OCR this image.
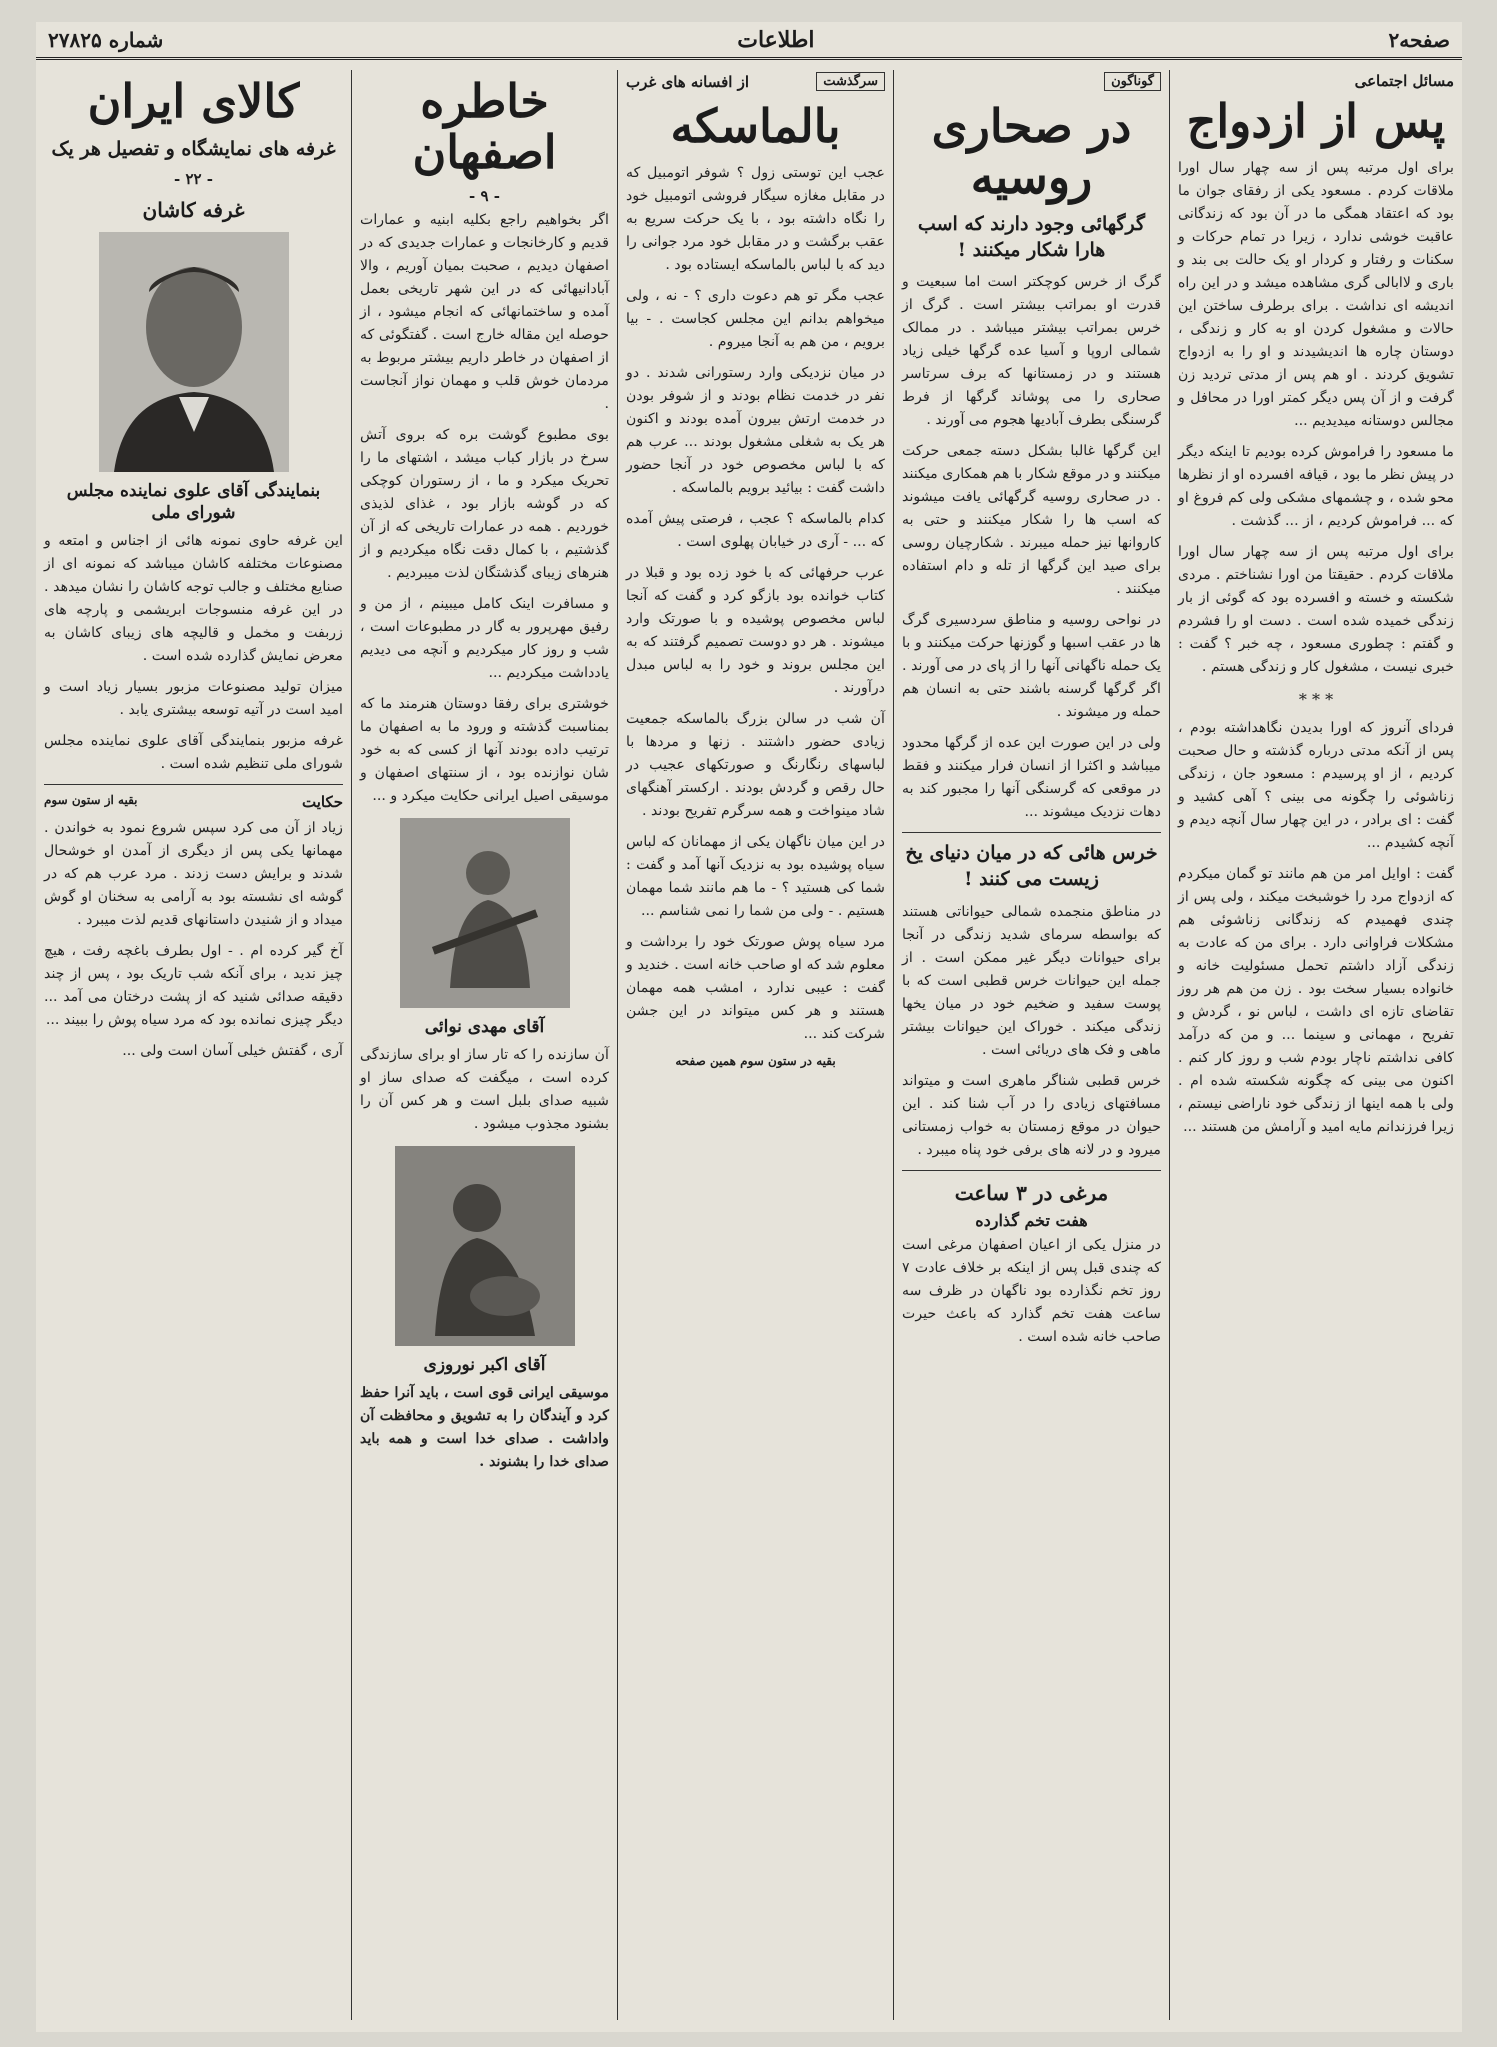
صفحه۲
اطلاعات
شماره ۲۷۸۲۵
مسائل اجتماعی
پس از ازدواج

برای اول مرتبه پس از سه چهار سال اورا ملاقات کردم . مسعود یکی از رفقای جوان ما بود که اعتقاد همگی ما در آن بود که زندگانی عاقبت خوشی ندارد ، زیرا در تمام حرکات و سکنات و رفتار و کردار او یک حالت بی بند و باری و لاابالی گری مشاهده میشد و در این راه اندیشه ای نداشت . برای برطرف ساختن این حالات و مشغول کردن او به کار و زندگی ، دوستان چاره ها اندیشیدند و او را به ازدواج تشویق کردند . او هم پس از مدتی تردید زن گرفت و از آن پس دیگر کمتر اورا در محافل و مجالس دوستانه میدیدیم ...

ما مسعود را فراموش کرده بودیم تا اینکه دیگر در پیش نظر ما بود ، قیافه افسرده او از نظرها محو شده ، و چشمهای مشکی ولی کم فروغ او که ... فراموش کردیم ، از ... گذشت .

برای اول مرتبه پس از سه چهار سال اورا ملاقات کردم . حقیقتا من اورا نشناختم . مردی شکسته و خسته و افسرده بود که گوئی از بار زندگی خمیده شده است . دست او را فشردم و گفتم : چطوری مسعود ، چه خبر ؟ گفت : خبری نیست ، مشغول کار و زندگی هستم .

* * *

فردای آنروز که اورا بدیدن نگاهداشته بودم ، پس از آنکه مدتی درباره گذشته و حال صحبت کردیم ، از او پرسیدم : مسعود جان ، زندگی زناشوئی را چگونه می بینی ؟ آهی کشید و گفت : ای برادر ، در این چهار سال آنچه دیدم و آنچه کشیدم ...

گفت : اوایل امر من هم مانند تو گمان میکردم که ازدواج مرد را خوشبخت میکند ، ولی پس از چندی فهمیدم که زندگانی زناشوئی هم مشکلات فراوانی دارد . برای من که عادت به زندگی آزاد داشتم تحمل مسئولیت خانه و خانواده بسیار سخت بود . زن من هم هر روز تقاضای تازه ای داشت ، لباس نو ، گردش و تفریح ، مهمانی و سینما ... و من که درآمد کافی نداشتم ناچار بودم شب و روز کار کنم . اکنون می بینی که چگونه شکسته شده ام . ولی با همه اینها از زندگی خود ناراضی نیستم ، زیرا فرزندانم مایه امید و آرامش من هستند ...

گوناگون
در صحاری روسیه
گرگهائی وجود دارند که اسب هارا شکار میکنند !

گرگ از خرس کوچکتر است اما سبعیت و قدرت او بمراتب بیشتر است . گرگ از خرس بمراتب بیشتر میباشد . در ممالک شمالی اروپا و آسیا عده گرگها خیلی زیاد هستند و در زمستانها که برف سرتاسر صحاری را می پوشاند گرگها از فرط گرسنگی بطرف آبادیها هجوم می آورند .

این گرگها غالبا بشکل دسته جمعی حرکت میکنند و در موقع شکار با هم همکاری میکنند . در صحاری روسیه گرگهائی یافت میشوند که اسب ها را شکار میکنند و حتی به کاروانها نیز حمله میبرند . شکارچیان روسی برای صید این گرگها از تله و دام استفاده میکنند .

در نواحی روسیه و مناطق سردسیری گرگ ها در عقب اسبها و گوزنها حرکت میکنند و با یک حمله ناگهانی آنها را از پای در می آورند . اگر گرگها گرسنه باشند حتی به انسان هم حمله ور میشوند .

ولی در این صورت این عده از گرگها محدود میباشد و اکثرا از انسان فرار میکنند و فقط در موقعی که گرسنگی آنها را مجبور کند به دهات نزدیک میشوند ...

خرس هائی که در میان دنیای یخ زیست می کنند !

در مناطق منجمده شمالی حیواناتی هستند که بواسطه سرمای شدید زندگی در آنجا برای حیوانات دیگر غیر ممکن است . از جمله این حیوانات خرس قطبی است که با پوست سفید و ضخیم خود در میان یخها زندگی میکند . خوراک این حیوانات بیشتر ماهی و فک های دریائی است .

خرس قطبی شناگر ماهری است و میتواند مسافتهای زیادی را در آب شنا کند . این حیوان در موقع زمستان به خواب زمستانی میرود و در لانه های برفی خود پناه میبرد .

مرغی در ۳ ساعت
هفت تخم گذارده

در منزل یکی از اعیان اصفهان مرغی است که چندی قبل پس از اینکه بر خلاف عادت ۷ روز تخم نگذارده بود ناگهان در ظرف سه ساعت هفت تخم گذارد که باعث حیرت صاحب خانه شده است .

سرگذشت
از افسانه های غرب
بالماسکه

عجب این توستی زول ؟ شوفر اتومبیل که در مقابل مغازه سیگار فروشی اتومبیل خود را نگاه داشته بود ، با یک حرکت سریع به عقب برگشت و در مقابل خود مرد جوانی را دید که با لباس بالماسکه ایستاده بود .

عجب مگر تو هم دعوت داری ؟ - نه ، ولی میخواهم بدانم این مجلس کجاست . - بیا برویم ، من هم به آنجا میروم .

در میان نزدیکی وارد رستورانی شدند . دو نفر در خدمت نظام بودند و از شوفر بودن در خدمت ارتش بیرون آمده بودند و اکنون هر یک به شغلی مشغول بودند ... عرب هم که با لباس مخصوص خود در آنجا حضور داشت گفت : بیائید برویم بالماسکه .

کدام بالماسکه ؟ عجب ، فرصتی پیش آمده که ... - آری در خیابان پهلوی است .

عرب حرفهائی که با خود زده بود و قبلا در کتاب خوانده بود بازگو کرد و گفت که آنجا لباس مخصوص پوشیده و با صورتک وارد میشوند . هر دو دوست تصمیم گرفتند که به این مجلس بروند و خود را به لباس مبدل درآورند .

آن شب در سالن بزرگ بالماسکه جمعیت زیادی حضور داشتند . زنها و مردها با لباسهای رنگارنگ و صورتکهای عجیب در حال رقص و گردش بودند . ارکستر آهنگهای شاد مینواخت و همه سرگرم تفریح بودند .

در این میان ناگهان یکی از مهمانان که لباس سیاه پوشیده بود به نزدیک آنها آمد و گفت : شما کی هستید ؟ - ما هم مانند شما مهمان هستیم . - ولی من شما را نمی شناسم ...

مرد سیاه پوش صورتک خود را برداشت و معلوم شد که او صاحب خانه است . خندید و گفت : عیبی ندارد ، امشب همه مهمان هستند و هر کس میتواند در این جشن شرکت کند ...

بقیه در ستون سوم همین صفحه
خاطره اصفهان
- ۹ -

اگر بخواهیم راجع بکلیه ابنیه و عمارات قدیم و کارخانجات و عمارات جدیدی که در اصفهان دیدیم ، صحبت بمیان آوریم ، والا آبادانیهائی که در این شهر تاریخی بعمل آمده و ساختمانهائی که انجام میشود ، از حوصله این مقاله خارج است . گفتگوئی که از اصفهان در خاطر داریم بیشتر مربوط به مردمان خوش قلب و مهمان نواز آنجاست .

بوی مطبوع گوشت بره که بروی آتش سرخ در بازار کباب میشد ، اشتهای ما را تحریک میکرد و ما ، از رستوران کوچکی که در گوشه بازار بود ، غذای لذیذی خوردیم . همه در عمارات تاریخی که از آن گذشتیم ، با کمال دقت نگاه میکردیم و از هنرهای زیبای گذشتگان لذت میبردیم .

و مسافرت اینک کامل میبینم ، از من و رفیق مهرپرور به گار در مطبوعات است ، شب و روز کار میکردیم و آنچه می دیدیم یادداشت میکردیم ...

خوشتری برای رفقا دوستان هنرمند ما که بمناسبت گذشته و ورود ما به اصفهان ما ترتیب داده بودند آنها از کسی که به خود شان نوازنده بود ، از سنتهای اصفهان و موسیقی اصیل ایرانی حکایت میکرد و ...

آقای مهدی نوائی

آن سازنده را که تار ساز او برای سازندگی کرده است ، میگفت که صدای ساز او شبیه صدای بلبل است و هر کس آن را بشنود مجذوب میشود .

آقای اکبر نوروزی

موسیقی ایرانی قوی است ، باید آنرا حفظ کرد و آیندگان را به تشویق و محافظت آن واداشت . صدای خدا است و همه باید صدای خدا را بشنوند .

کالای ایران
غرفه های نمایشگاه و تفصیل هر یک
- ۲۲ -
غرفه کاشان
بنمایندگی آقای علوی نماینده مجلس شورای ملی

این غرفه حاوی نمونه هائی از اجناس و امتعه و مصنوعات مختلفه کاشان میباشد که نمونه ای از صنایع مختلف و جالب توجه کاشان را نشان میدهد . در این غرفه منسوجات ابریشمی و پارچه های زربفت و مخمل و قالیچه های زیبای کاشان به معرض نمایش گذارده شده است .

میزان تولید مصنوعات مزبور بسیار زیاد است و امید است در آتیه توسعه بیشتری یابد .

غرفه مزبور بنمایندگی آقای علوی نماینده مجلس شورای ملی تنظیم شده است .

حکایت
بقیه از ستون سوم

زیاد از آن می کرد سپس شروع نمود به خواندن . مهمانها یکی پس از دیگری از آمدن او خوشحال شدند و برایش دست زدند . مرد عرب هم که در گوشه ای نشسته بود به آرامی به سخنان او گوش میداد و از شنیدن داستانهای قدیم لذت میبرد .

آخ گیر کرده ام . - اول بطرف باغچه رفت ، هیچ چیز ندید ، برای آنکه شب تاریک بود ، پس از چند دقیقه صدائی شنید که از پشت درختان می آمد ... دیگر چیزی نمانده بود که مرد سیاه پوش را ببیند ...

آری ، گفتش خیلی آسان است ولی ...
